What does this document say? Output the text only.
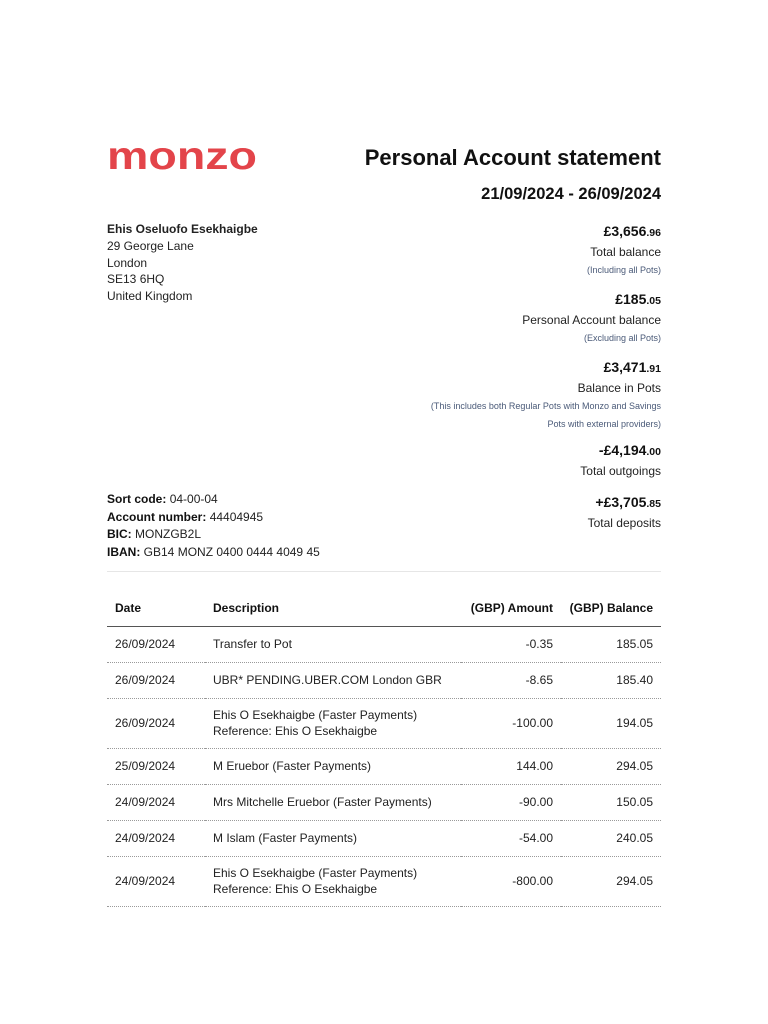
monzo	Personal Account statement
21/09/2024 - 26/09/2024
Ehis Oseluofo Esekhaigbe
29 George Lane
London
SE13 6HQ
United Kingdom
£3,656.96
Total balance
(Including all Pots)
£185.05
Personal Account balance
(Excluding all Pots)
£3,471.91
Balance in Pots
(This includes both Regular Pots with Monzo and Savings
Pots with external providers)
-£4,194.00
Total outgoings
+£3,705.85
Total deposits
Sort code: 04-00-04
Account number: 44404945
BIC: MONZGB2L
IBAN: GB14 MONZ 0400 0444 4049 45
Date	Description	(GBP) Amount	(GBP) Balance
26/09/2024	Transfer to Pot	-0.35	185.05
26/09/2024	UBR* PENDING.UBER.COM London GBR	-8.65	185.40
26/09/2024	Ehis O Esekhaigbe (Faster Payments)
Reference: Ehis O Esekhaigbe	-100.00	194.05
25/09/2024	M Eruebor (Faster Payments)	144.00	294.05
24/09/2024	Mrs Mitchelle Eruebor (Faster Payments)	-90.00	150.05
24/09/2024	M Islam (Faster Payments)	-54.00	240.05
24/09/2024	Ehis O Esekhaigbe (Faster Payments)
Reference: Ehis O Esekhaigbe	-800.00	294.05
